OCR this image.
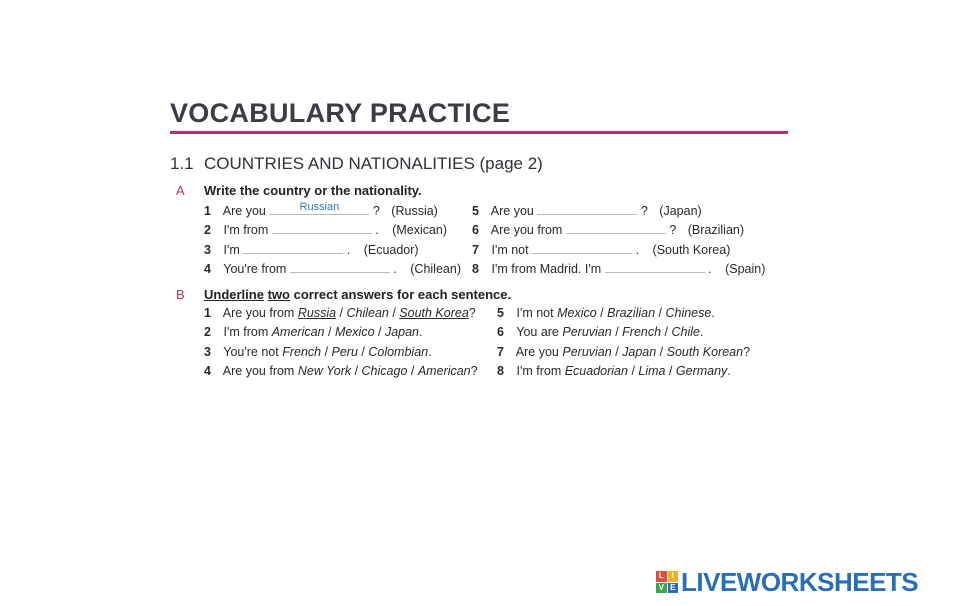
VOCABULARY PRACTICE
1.1 COUNTRIES AND NATIONALITIES (page 2)
A Write the country or the nationality.
1 Are you	Russian	? (Russia)
2 I'm from	. (Mexican)
3 I'm	. (Ecuador)
4 You're from	. (Chilean)
5 Are you	? (Japan)
6 Are you from	? (Brazilian)
7 I'm not	. (South Korea)
8 I'm from Madrid. I'm	. (Spain)
B Underline two correct answers for each sentence.
1 Are you from Russia / Chilean / South Korea?
2 I'm from American / Mexico / Japan.
3 You're not French / Peru / Colombian.
4 Are you from New York / Chicago / American?
5 I'm not Mexico / Brazilian / Chinese.
6 You are Peruvian / French / Chile.
7 Are you Peruvian / Japan / South Korean?
8 I'm from Ecuadorian / Lima / Germany.
L I
V E LIVEWORKSHEETS
